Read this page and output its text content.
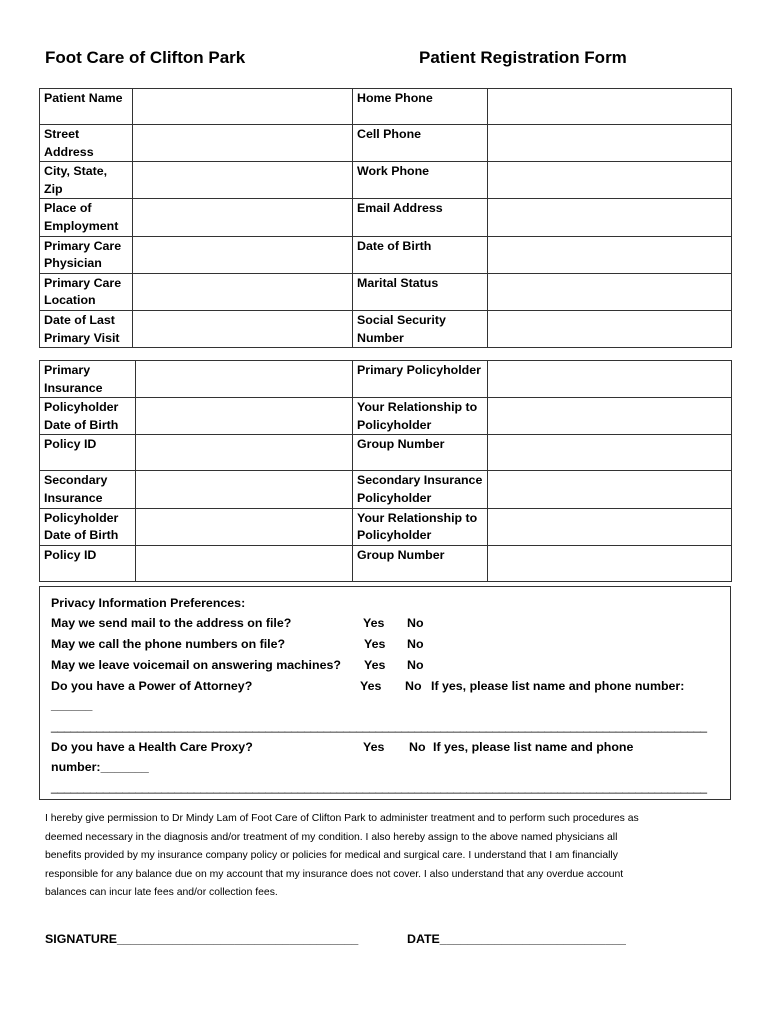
Foot Care of Clifton Park	Patient Registration Form
Patient Name		Home Phone	
Street Address		Cell Phone	
City, State, Zip		Work Phone	
Place of Employment		Email Address	
Primary Care Physician		Date of Birth	
Primary Care Location		Marital Status	
Date of Last Primary Visit		Social Security Number	
Primary Insurance		Primary Policyholder	
Policyholder Date of Birth		Your Relationship to Policyholder	
Policy ID		Group Number	
Secondary Insurance		Secondary Insurance Policyholder	
Policyholder Date of Birth		Your Relationship to Policyholder	
Policy ID		Group Number	
Privacy Information Preferences:
May we send mail to the address on file?	Yes No
May we call the phone numbers on file?	Yes No
May we leave voicemail on answering machines? Yes No
Do you have a Power of Attorney?	Yes No If yes, please list name and phone number:
______
_____________________________________________________________________________________________________
Do you have a Health Care Proxy?	Yes No If yes, please list name and phone
number:_______
_____________________________________________________________________________________________________

I hereby give permission to Dr Mindy Lam of Foot Care of Clifton Park to administer treatment and to perform such procedures as

deemed necessary in the diagnosis and/or treatment of my condition. I also hereby assign to the above named physicians all

benefits provided by my insurance company policy or policies for medical and surgical care. I understand that I am financially

responsible for any balance due on my account that my insurance does not cover. I also understand that any overdue account

balances can incur late fees and/or collection fees.

SIGNATURE___________________________________	DATE___________________________
